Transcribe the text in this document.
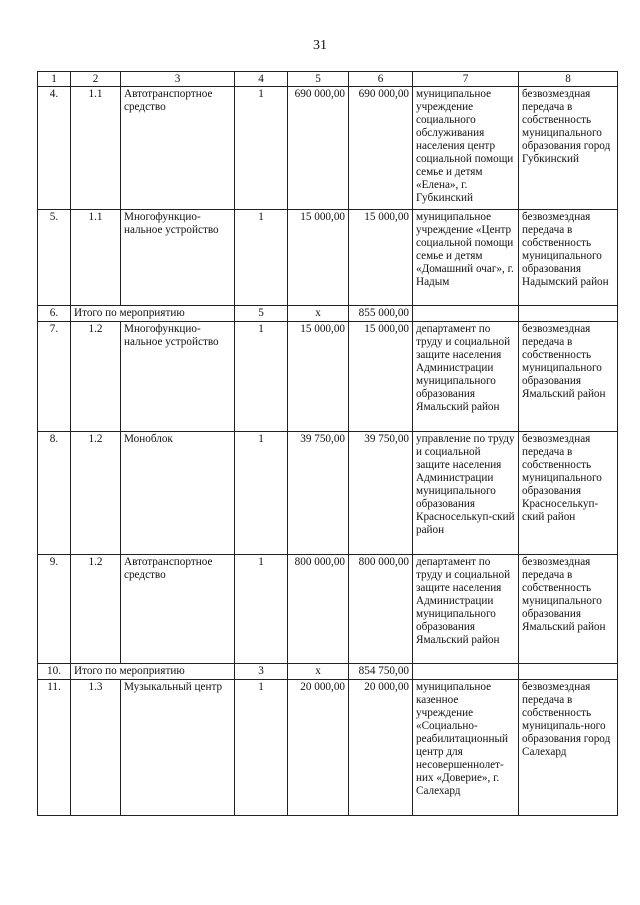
31
1	2	3	4	5	6	7	8
4.	1.1	Автотранспортное средство	1	690 000,00	690 000,00	муниципальное учреждение социального обслуживания населения центр социальной помощи семье и детям «Елена», г. Губкинский	безвозмездная передача в собственность муниципального образования город Губкинский
5.	1.1	Многофункцио-нальное устройство	1	15 000,00	15 000,00	муниципальное учреждение «Центр социальной помощи семье и детям «Домашний очаг», г. Надым	безвозмездная передача в собственность муниципального образования Надымский район
6.	Итого по мероприятию		5	х	855 000,00		
7.	1.2	Многофункцио-нальное устройство	1	15 000,00	15 000,00	департамент по труду и социальной защите населения Администрации муниципального образования Ямальский район	безвозмездная передача в собственность муниципального образования Ямальский район
8.	1.2	Моноблок	1	39 750,00	39 750,00	управление по труду и социальной защите населения Администрации муниципального образования Красноселькуп-ский район	безвозмездная передача в собственность муниципального образования Красноселькуп-ский район
9.	1.2	Автотранспортное средство	1	800 000,00	800 000,00	департамент по труду и социальной защите населения Администрации муниципального образования Ямальский район	безвозмездная передача в собственность муниципального образования Ямальский район
10.	Итого по мероприятию		3	х	854 750,00		
11.	1.3	Музыкальный центр	1	20 000,00	20 000,00	муниципальное казенное учреждение «Социально-реабилитационный центр для несовершеннолет-них «Доверие», г. Салехард	безвозмездная передача в собственность муниципаль-ного образования город Салехард
